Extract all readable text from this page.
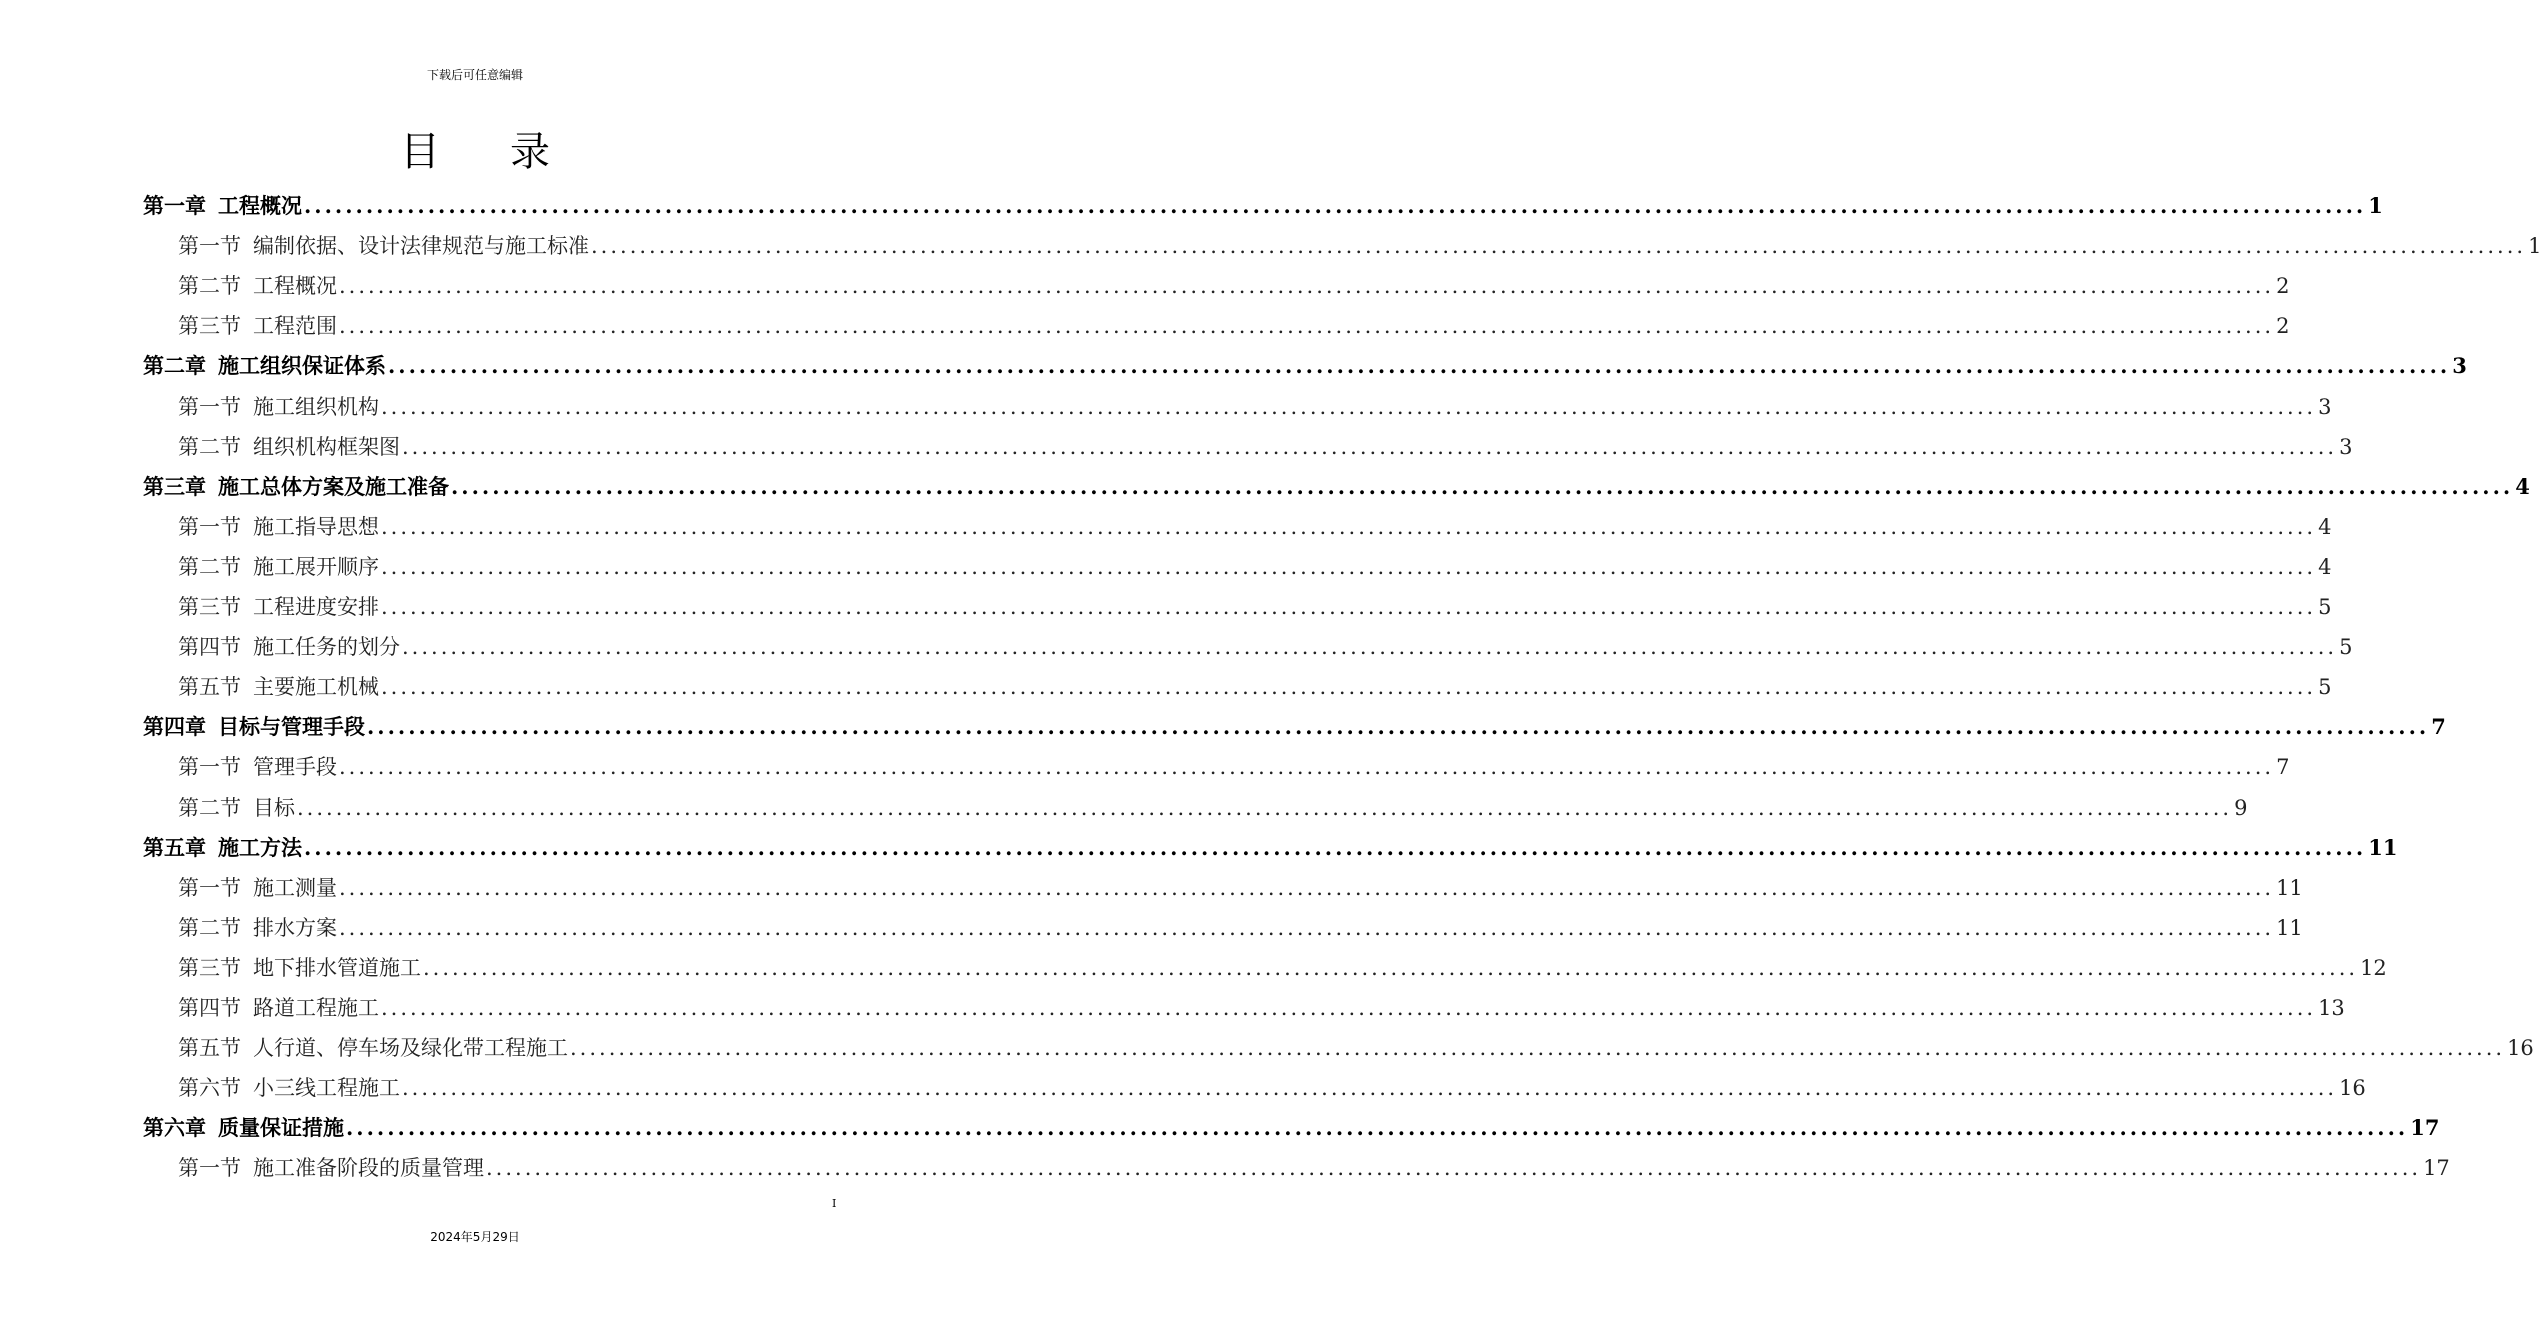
下载后可任意编辑
目录
第一章 工程概况 ........................................................................................................................................................................................................ 1
第一节 编制依据、设计法律规范与施工标准 ........................................................................................................................................................................................................ 1
第二节 工程概况 ........................................................................................................................................................................................................ 2
第三节 工程范围 ........................................................................................................................................................................................................ 2
第二章 施工组织保证体系 ........................................................................................................................................................................................................ 3
第一节 施工组织机构 ........................................................................................................................................................................................................ 3
第二节 组织机构框架图 ........................................................................................................................................................................................................ 3
第三章 施工总体方案及施工准备 ........................................................................................................................................................................................................ 4
第一节 施工指导思想 ........................................................................................................................................................................................................ 4
第二节 施工展开顺序 ........................................................................................................................................................................................................ 4
第三节 工程进度安排 ........................................................................................................................................................................................................ 5
第四节 施工任务的划分 ........................................................................................................................................................................................................ 5
第五节 主要施工机械 ........................................................................................................................................................................................................ 5
第四章 目标与管理手段 ........................................................................................................................................................................................................ 7
第一节 管理手段 ........................................................................................................................................................................................................ 7
第二节 目标 ........................................................................................................................................................................................................ 9
第五章 施工方法 ........................................................................................................................................................................................................ 11
第一节 施工测量 ........................................................................................................................................................................................................ 11
第二节 排水方案 ........................................................................................................................................................................................................ 11
第三节 地下排水管道施工 ........................................................................................................................................................................................................ 12
第四节 路道工程施工 ........................................................................................................................................................................................................ 13
第五节 人行道、停车场及绿化带工程施工 ........................................................................................................................................................................................................ 16
第六节 小三线工程施工 ........................................................................................................................................................................................................ 16
第六章 质量保证措施 ........................................................................................................................................................................................................ 17
第一节 施工准备阶段的质量管理 ........................................................................................................................................................................................................ 17
I
2024年5月29日
